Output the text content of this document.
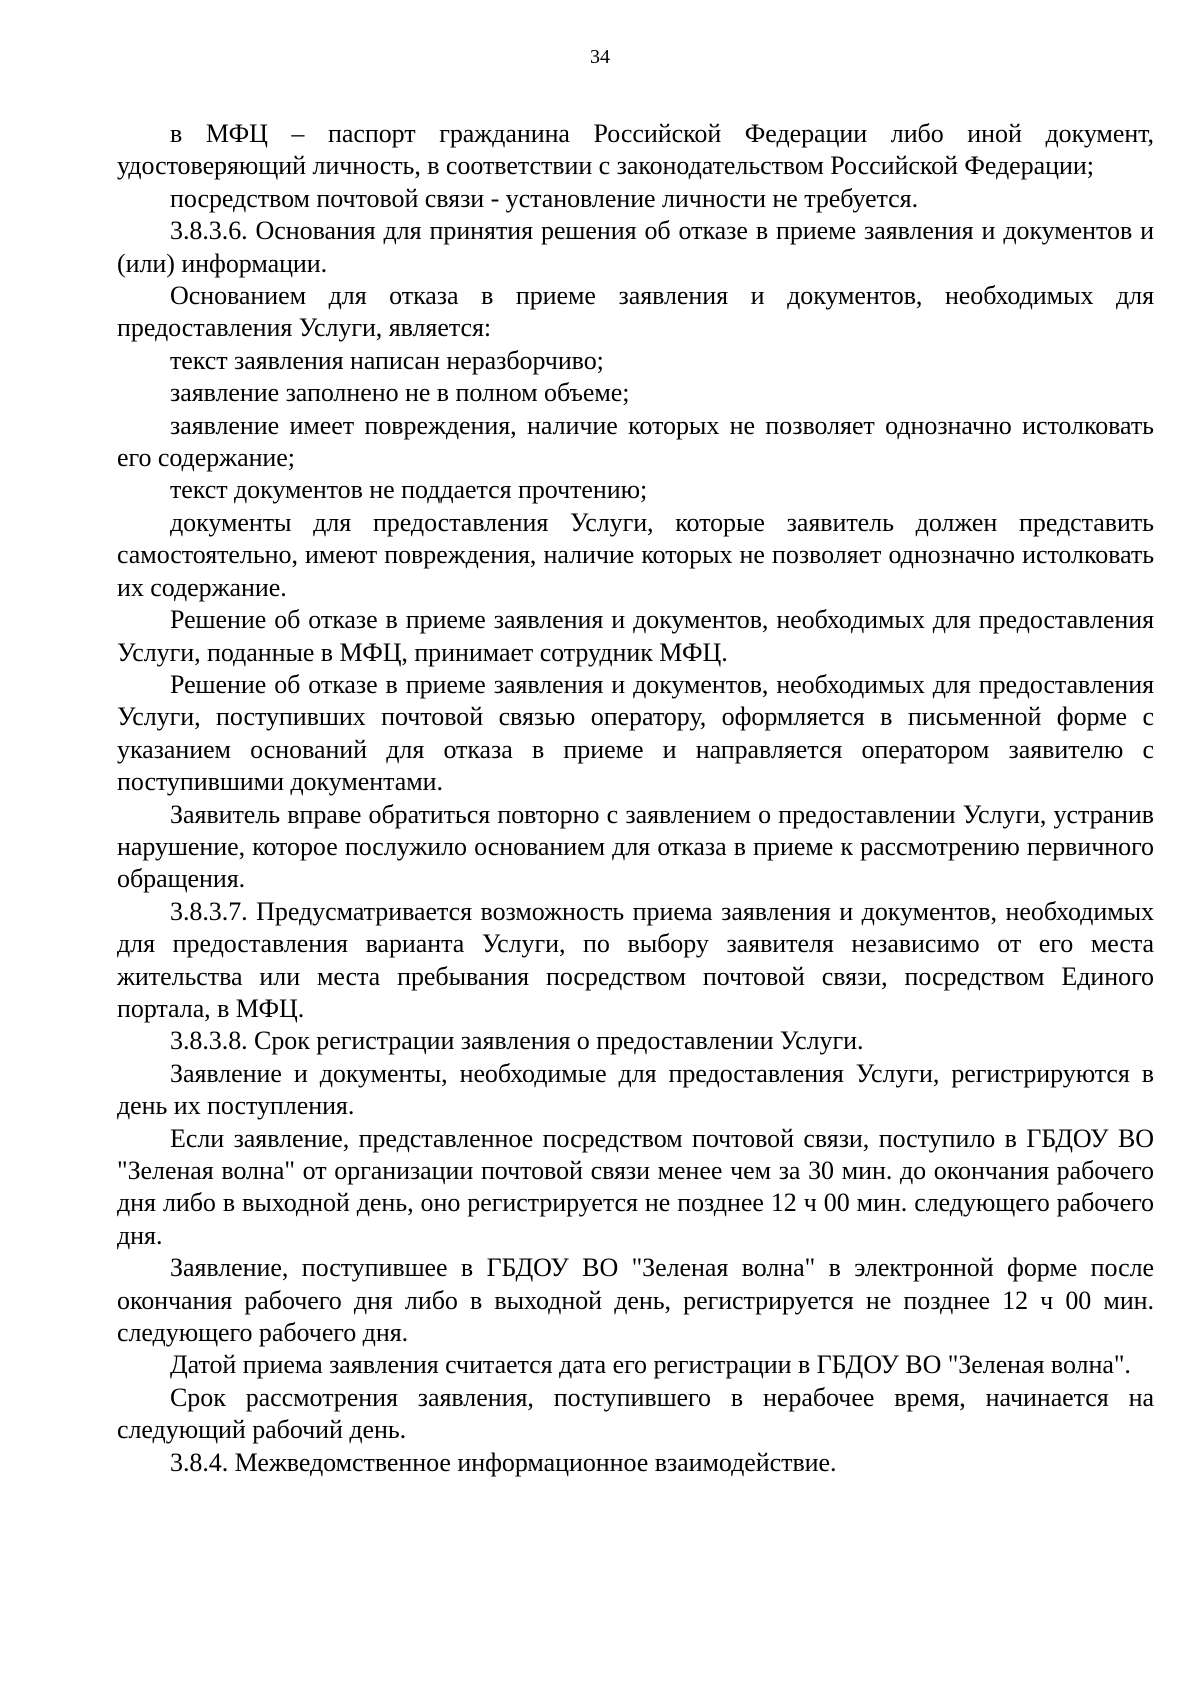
34

в МФЦ – паспорт гражданина Российской Федерации либо иной документ, удостоверяющий личность, в соответствии с законодательством Российской Федерации;

посредством почтовой связи - установление личности не требуется.

3.8.3.6. Основания для принятия решения об отказе в приеме заявления и документов и (или) информации.

Основанием для отказа в приеме заявления и документов, необходимых для предоставления Услуги, является:

текст заявления написан неразборчиво;

заявление заполнено не в полном объеме;

заявление имеет повреждения, наличие которых не позволяет однозначно истолковать его содержание;

текст документов не поддается прочтению;

документы для предоставления Услуги, которые заявитель должен представить самостоятельно, имеют повреждения, наличие которых не позволяет однозначно истолковать их содержание.

Решение об отказе в приеме заявления и документов, необходимых для предоставления Услуги, поданные в МФЦ, принимает сотрудник МФЦ.

Решение об отказе в приеме заявления и документов, необходимых для предоставления Услуги, поступивших почтовой связью оператору, оформляется в письменной форме с указанием оснований для отказа в приеме и направляется оператором заявителю с поступившими документами.

Заявитель вправе обратиться повторно с заявлением о предоставлении Услуги, устранив нарушение, которое послужило основанием для отказа в приеме к рассмотрению первичного обращения.

3.8.3.7. Предусматривается возможность приема заявления и документов, необходимых для предоставления варианта Услуги, по выбору заявителя независимо от его места жительства или места пребывания посредством почтовой связи, посредством Единого портала, в МФЦ.

3.8.3.8. Срок регистрации заявления о предоставлении Услуги.

Заявление и документы, необходимые для предоставления Услуги, регистрируются в день их поступления.

Если заявление, представленное посредством почтовой связи, поступило в ГБДОУ ВО "Зеленая волна" от организации почтовой связи менее чем за 30 мин. до окончания рабочего дня либо в выходной день, оно регистрируется не позднее 12 ч 00 мин. следующего рабочего дня.

Заявление, поступившее в ГБДОУ ВО "Зеленая волна" в электронной форме после окончания рабочего дня либо в выходной день, регистрируется не позднее 12 ч 00 мин. следующего рабочего дня.

Датой приема заявления считается дата его регистрации в ГБДОУ ВО "Зеленая волна".

Срок рассмотрения заявления, поступившего в нерабочее время, начинается на следующий рабочий день.

3.8.4. Межведомственное информационное взаимодействие.
